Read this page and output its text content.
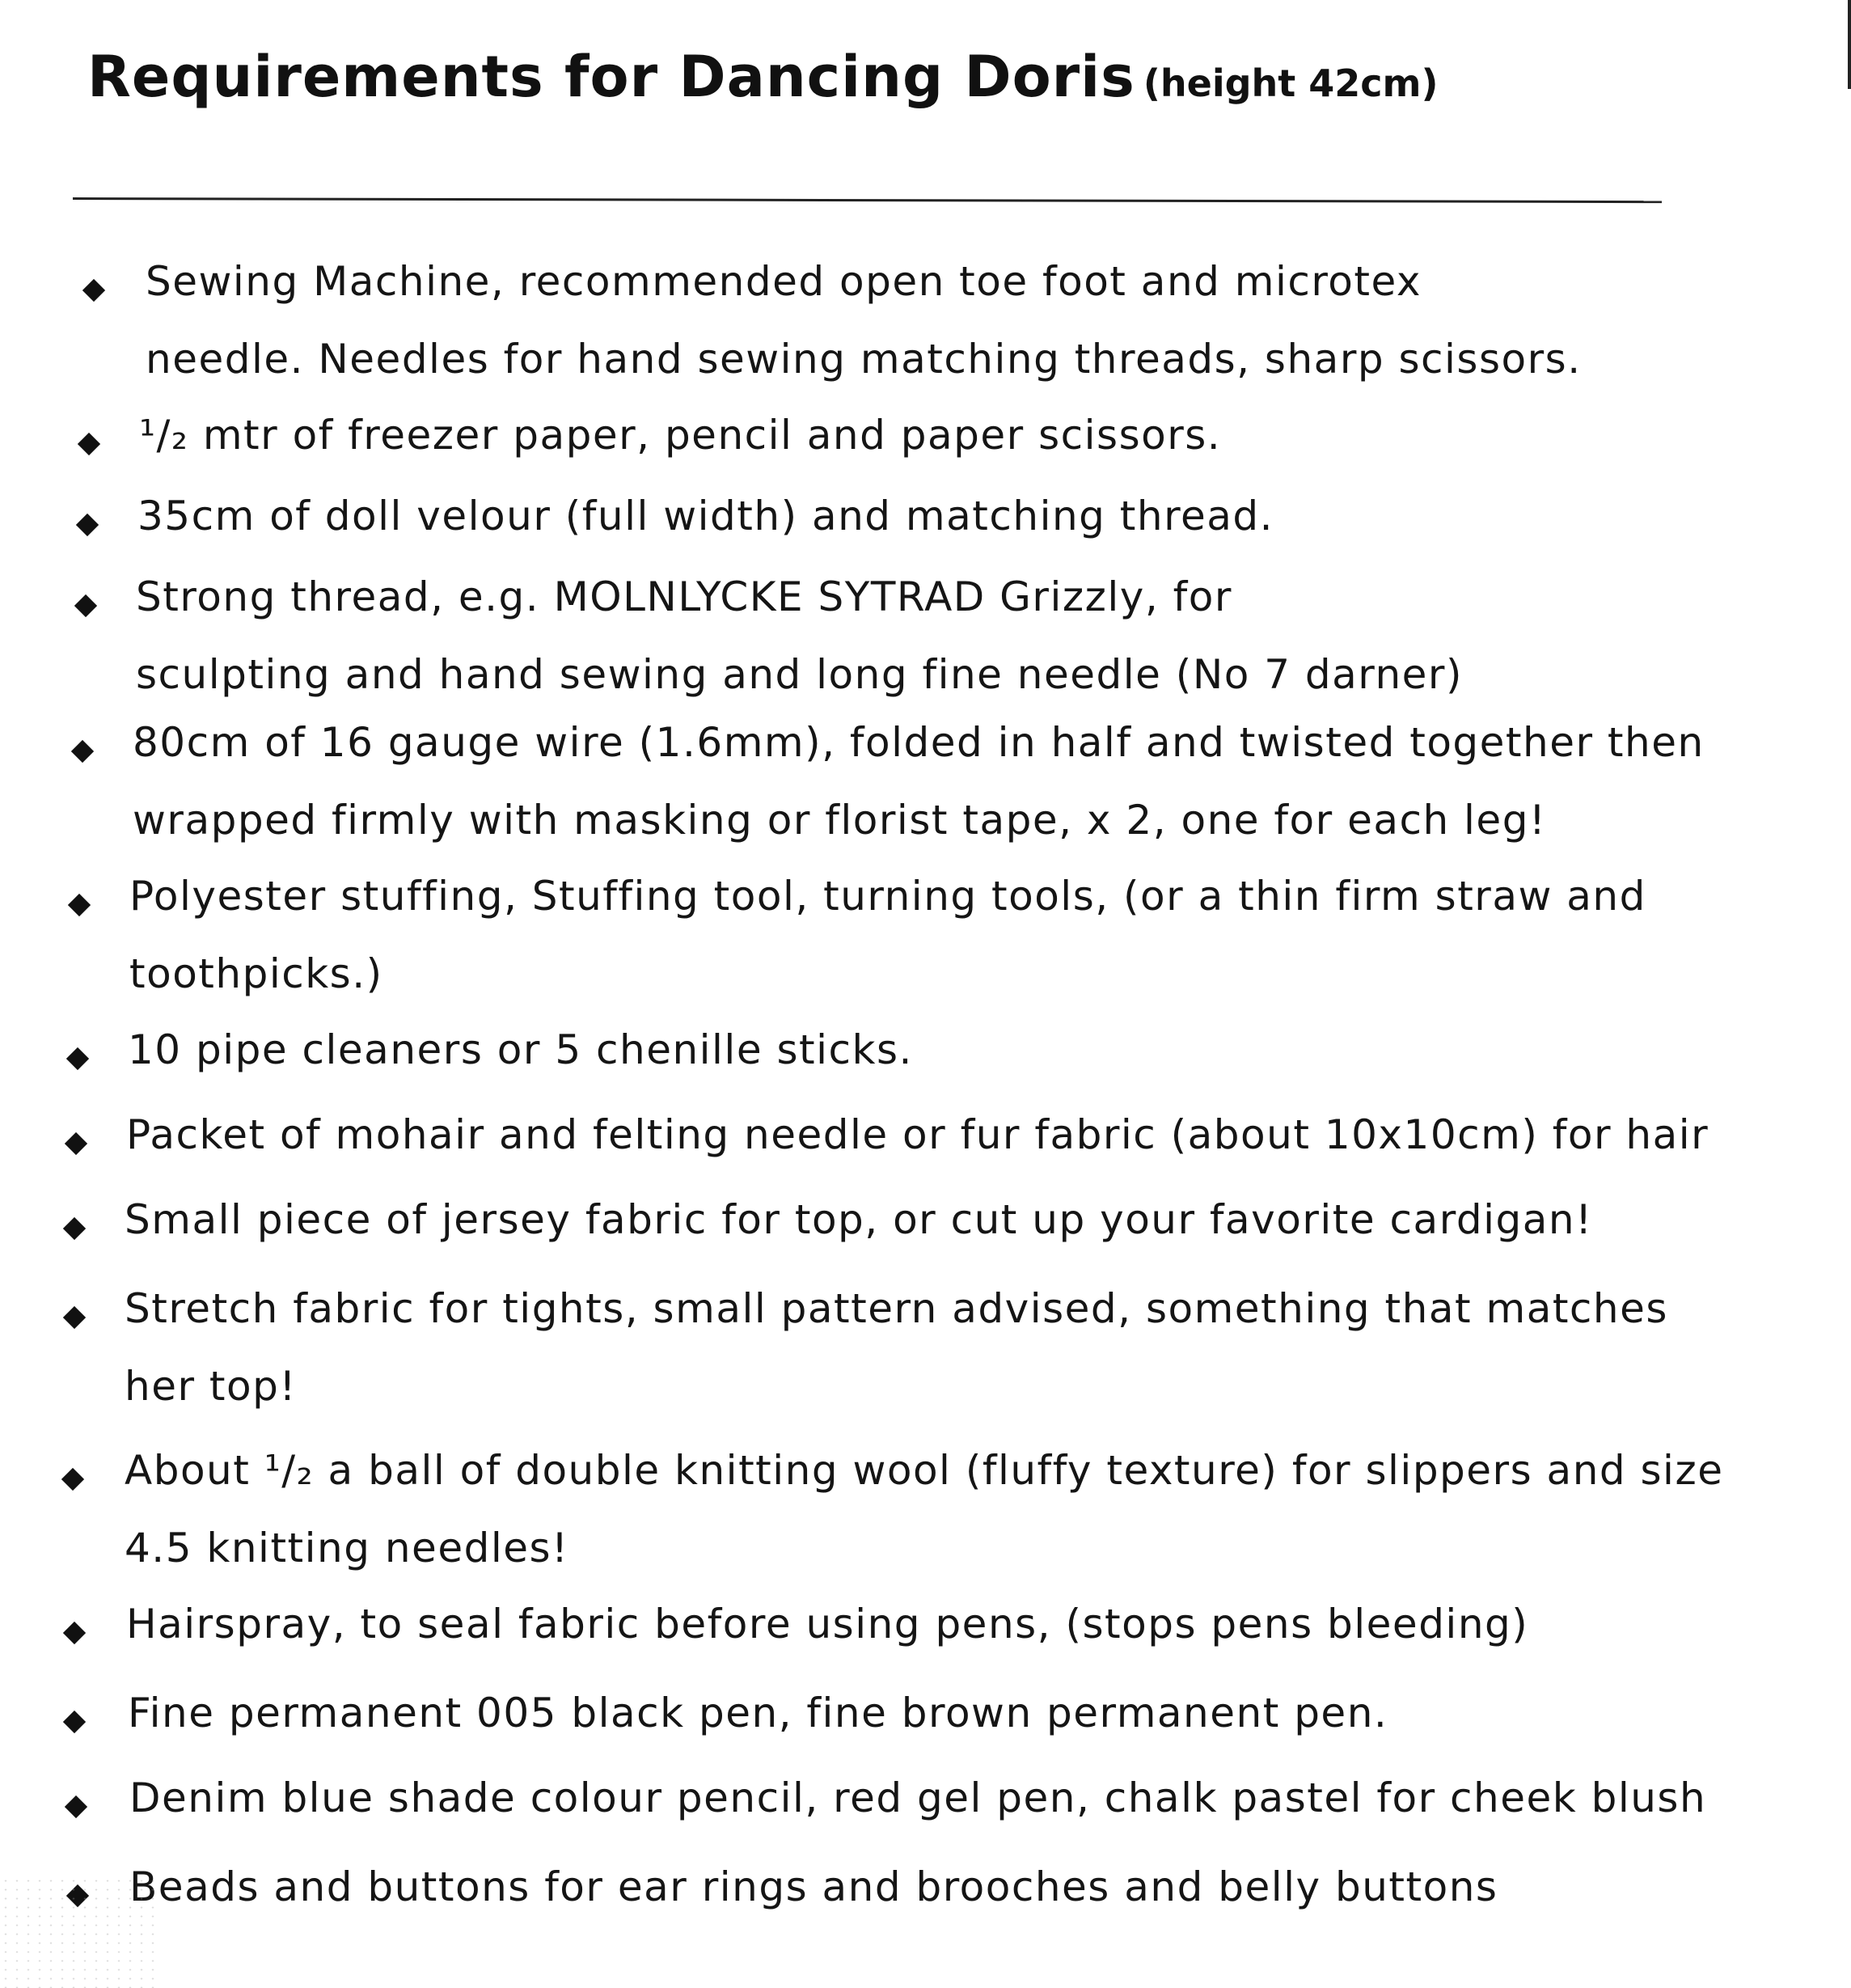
Requirements for Dancing Doris (height 42cm)
Sewing Machine, recommended open toe foot and microtex
needle. Needles for hand sewing matching threads, sharp scissors.
¹/₂ mtr of freezer paper, pencil and paper scissors.
35cm of doll velour (full width) and matching thread.
Strong thread, e.g. MOLNLYCKE SYTRAD Grizzly, for
sculpting and hand sewing and long fine needle (No 7 darner)
80cm of 16 gauge wire (1.6mm), folded in half and twisted together then
wrapped firmly with masking or florist tape, x 2, one for each leg!
Polyester stuffing, Stuffing tool, turning tools, (or a thin firm straw and
toothpicks.)
10 pipe cleaners or 5 chenille sticks.
Packet of mohair and felting needle or fur fabric (about 10x10cm) for hair
Small piece of jersey fabric for top, or cut up your favorite cardigan!
Stretch fabric for tights, small pattern advised, something that matches
her top!
About ¹/₂ a ball of double knitting wool (fluffy texture) for slippers and size
4.5 knitting needles!
Hairspray, to seal fabric before using pens, (stops pens bleeding)
Fine permanent 005 black pen, fine brown permanent pen.
Denim blue shade colour pencil, red gel pen, chalk pastel for cheek blush
Beads and buttons for ear rings and brooches and belly buttons
